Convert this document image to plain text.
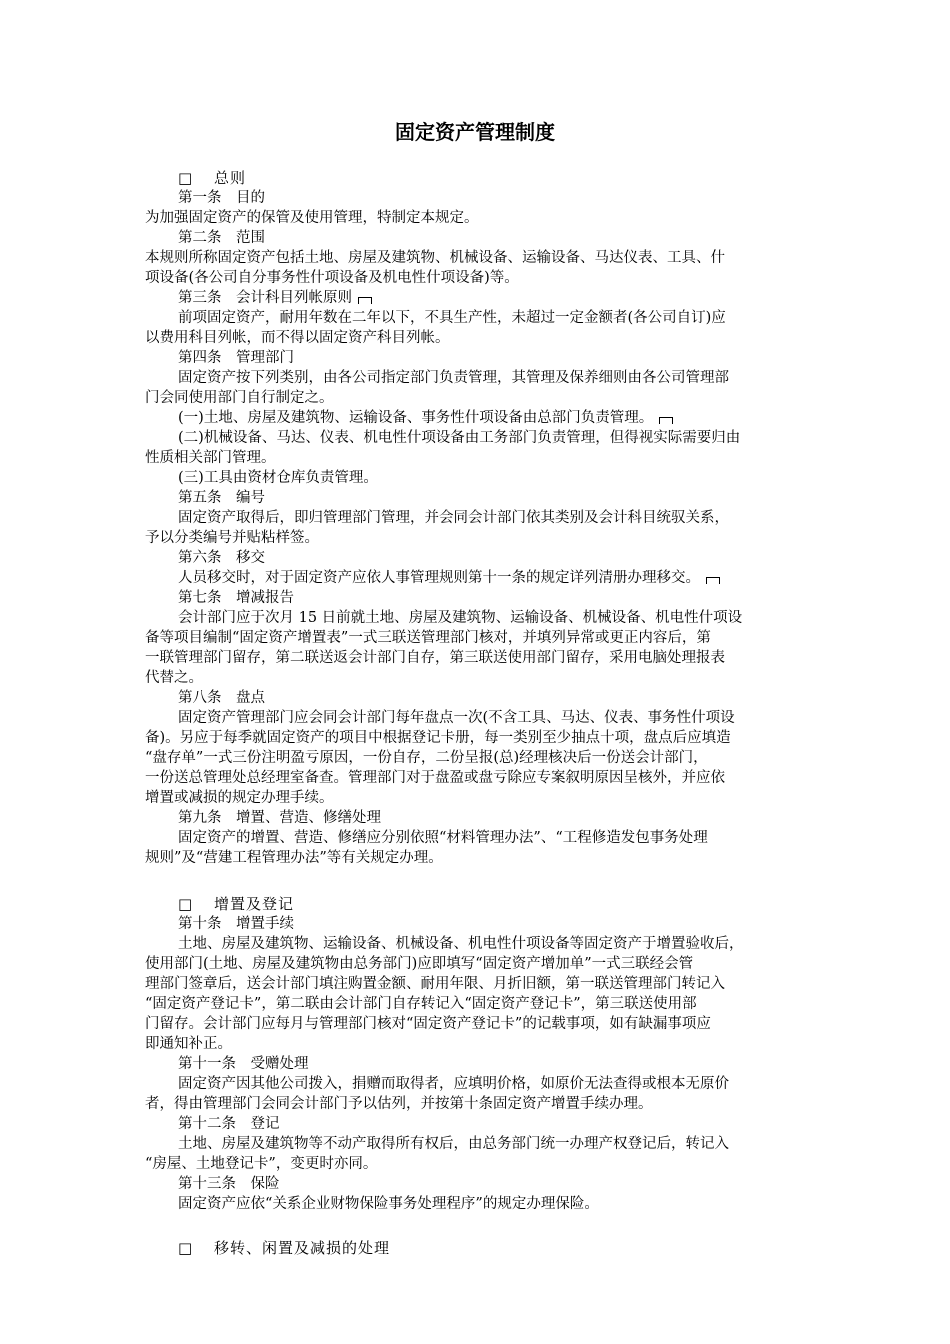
固定资产管理制度
□ 总则
第一条　目的
为加强固定资产的保管及使用管理，特制定本规定。
第二条　范围
本规则所称固定资产包括土地、房屋及建筑物、机械设备、运输设备、马达仪表、工具、什
项设备(各公司自分事务性什项设备及机电性什项设备)等。
第三条　会计科目列帐原则
前项固定资产，耐用年数在二年以下，不具生产性，未超过一定金额者(各公司自订)应
以费用科目列帐，而不得以固定资产科目列帐。
第四条　管理部门
固定资产按下列类别，由各公司指定部门负责管理，其管理及保养细则由各公司管理部
门会同使用部门自行制定之。
(一)土地、房屋及建筑物、运输设备、事务性什项设备由总部门负责管理。
(二)机械设备、马达、仪表、机电性什项设备由工务部门负责管理，但得视实际需要归由
性质相关部门管理。
(三)工具由资材仓库负责管理。
第五条　编号
固定资产取得后，即归管理部门管理，并会同会计部门依其类别及会计科目统驭关系，
予以分类编号并贴粘样签。
第六条　移交
人员移交时，对于固定资产应依人事管理规则第十一条的规定详列清册办理移交。
第七条　增减报告
会计部门应于次月 15 日前就土地、房屋及建筑物、运输设备、机械设备、机电性什项设
备等项目编制“固定资产增置表”一式三联送管理部门核对，并填列异常或更正内容后，第
一联管理部门留存，第二联送返会计部门自存，第三联送使用部门留存，采用电脑处理报表
代替之。
第八条　盘点
固定资产管理部门应会同会计部门每年盘点一次(不含工具、马达、仪表、事务性什项设
备)。另应于每季就固定资产的项目中根据登记卡册，每一类别至少抽点十项，盘点后应填造
“盘存单”一式三份注明盈亏原因，一份自存，二份呈报(总)经理核决后一份送会计部门，
一份送总管理处总经理室备查。管理部门对于盘盈或盘亏除应专案叙明原因呈核外，并应依
增置或减损的规定办理手续。
第九条　增置、营造、修缮处理
固定资产的增置、营造、修缮应分别依照“材料管理办法”、“工程修造发包事务处理
规则”及“营建工程管理办法”等有关规定办理。
□ 增置及登记
第十条　增置手续
土地、房屋及建筑物、运输设备、机械设备、机电性什项设备等固定资产于增置验收后，
使用部门(土地、房屋及建筑物由总务部门)应即填写“固定资产增加单”一式三联经会管
理部门签章后，送会计部门填注购置金额、耐用年限、月折旧额，第一联送管理部门转记入
“固定资产登记卡”，第二联由会计部门自存转记入“固定资产登记卡”，第三联送使用部
门留存。会计部门应每月与管理部门核对“固定资产登记卡”的记载事项，如有缺漏事项应
即通知补正。
第十一条　受赠处理
固定资产因其他公司拨入，捐赠而取得者，应填明价格，如原价无法查得或根本无原价
者，得由管理部门会同会计部门予以估列，并按第十条固定资产增置手续办理。
第十二条　登记
土地、房屋及建筑物等不动产取得所有权后，由总务部门统一办理产权登记后，转记入
“房屋、土地登记卡”，变更时亦同。
第十三条　保险
固定资产应依“关系企业财物保险事务处理程序”的规定办理保险。
□ 移转、闲置及减损的处理
